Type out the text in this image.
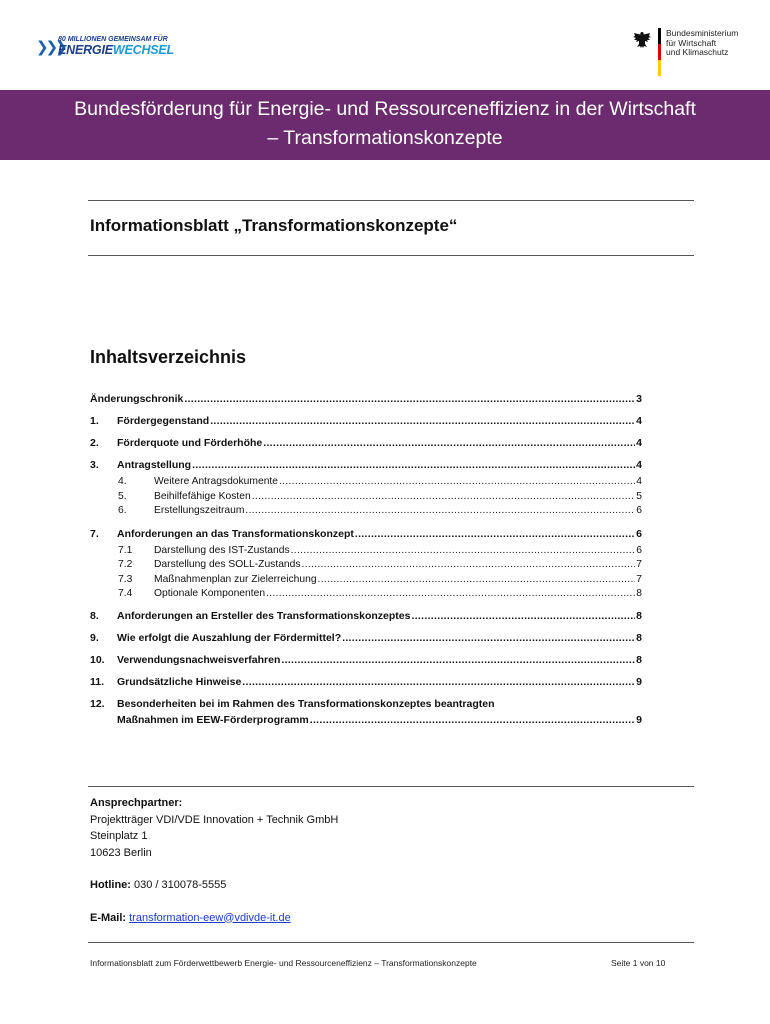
❯❯❯
80 MILLIONEN GEMEINSAM FÜR
ENERGIEWECHSEL
Bundesministerium
für Wirtschaft
und Klimaschutz
Bundesförderung für Energie- und Ressourceneffizienz in der Wirtschaft
– Transformationskonzepte
Informationsblatt „Transformationskonzepte“
Inhaltsverzeichnis
Änderungschronik .....	3
1.	Fördergegenstand .....	4
2.	Förderquote und Förderhöhe .....	4
3.	Antragstellung .....	4
4.	Weitere Antragsdokumente .....	4
5.	Beihilfefähige Kosten .....	5
6.	Erstellungszeitraum .....	6
7.	Anforderungen an das Transformationskonzept .....	6
7.1	Darstellung des IST-Zustands .....	6
7.2	Darstellung des SOLL-Zustands .....	7
7.3	Maßnahmenplan zur Zielerreichung .....	7
7.4	Optionale Komponenten .....	8
8.	Anforderungen an Ersteller des Transformationskonzeptes .....	8
9.	Wie erfolgt die Auszahlung der Fördermittel? .....	8
10.	Verwendungsnachweisverfahren .....	8
11.	Grundsätzliche Hinweise .....	9
12.	Besonderheiten bei im Rahmen des Transformationskonzeptes beantragten
Maßnahmen im EEW-Förderprogramm .....	9
Ansprechpartner:
Projektträger VDI/VDE Innovation + Technik GmbH
Steinplatz 1
10623 Berlin
Hotline: 030 / 310078-5555
E-Mail: transformation-eew@vdivde-it.de
Informationsblatt zum Förderwettbewerb Energie- und Ressourceneffizienz – Transformationskonzepte	Seite 1 von 10
